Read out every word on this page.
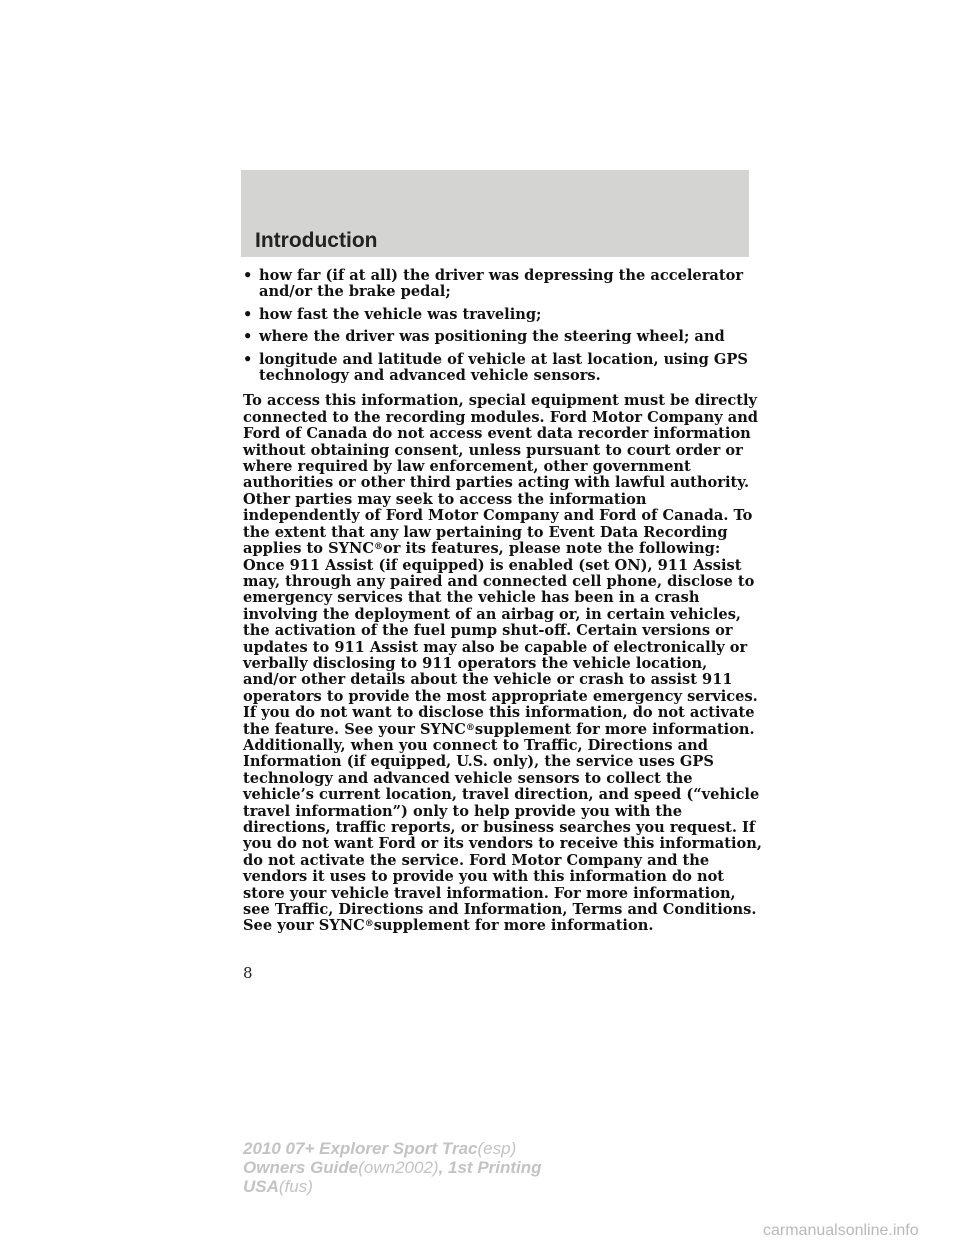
Introduction
• how far (if at all) the driver was depressing the accelerator and/or the brake pedal;
• how fast the vehicle was traveling;
• where the driver was positioning the steering wheel; and
• longitude and latitude of vehicle at last location, using GPS technology and advanced vehicle sensors.

To access this information, special equipment must be directly connected to the recording modules. Ford Motor Company and Ford of Canada do not access event data recorder information without obtaining consent, unless pursuant to court order or where required by law enforcement, other government authorities or other third parties acting with lawful authority. Other parties may seek to access the information independently of Ford Motor Company and Ford of Canada. To the extent that any law pertaining to Event Data Recording applies to SYNC®or its features, please note the following: Once 911 Assist (if equipped) is enabled (set ON), 911 Assist may, through any paired and connected cell phone, disclose to emergency services that the vehicle has been in a crash involving the deployment of an airbag or, in certain vehicles, the activation of the fuel pump shut-off. Certain versions or updates to 911 Assist may also be capable of electronically or verbally disclosing to 911 operators the vehicle location, and/or other details about the vehicle or crash to assist 911 operators to provide the most appropriate emergency services. If you do not want to disclose this information, do not activate the feature. See your SYNC®supplement for more information. Additionally, when you connect to Traffic, Directions and Information (if equipped, U.S. only), the service uses GPS technology and advanced vehicle sensors to collect the vehicle’s current location, travel direction, and speed (“vehicle travel information”) only to help provide you with the directions, traffic reports, or business searches you request. If you do not want Ford or its vendors to receive this information, do not activate the service. Ford Motor Company and the vendors it uses to provide you with this information do not store your vehicle travel information. For more information, see Traffic, Directions and Information, Terms and Conditions. See your SYNC®supplement for more information.

8
2010 07+ Explorer Sport Trac(esp)
Owners Guide(own2002), 1st Printing
USA(fus)
carmanualsonline.info
